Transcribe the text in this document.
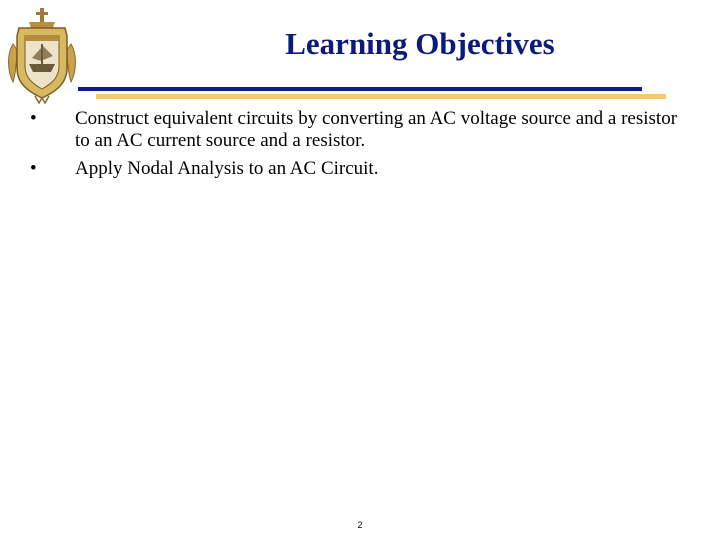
Learning Objectives
•	Construct equivalent circuits by converting an AC voltage source and a resistor to an AC current source and a resistor.
•	Apply Nodal Analysis to an AC Circuit.
2
